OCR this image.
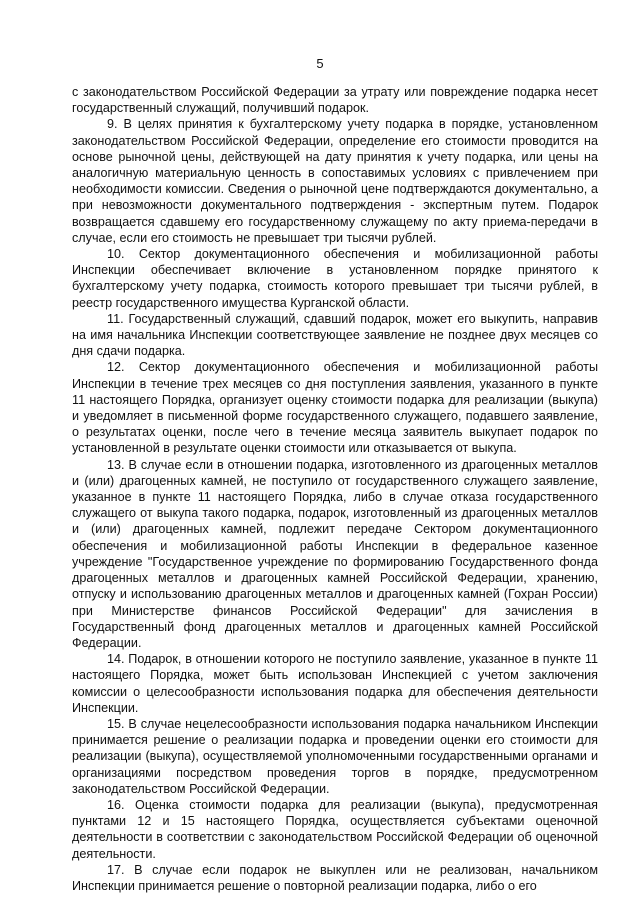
5

с законодательством Российской Федерации за утрату или повреждение подарка несет государственный служащий, получивший подарок.

9. В целях принятия к бухгалтерскому учету подарка в порядке, установленном законодательством Российской Федерации, определение его стоимости проводится на основе рыночной цены, действующей на дату принятия к учету подарка, или цены на аналогичную материальную ценность в сопоставимых условиях с привлечением при необходимости комиссии. Сведения о рыночной цене подтверждаются документально, а при невозможности документального подтверждения - экспертным путем. Подарок возвращается сдавшему его государственному служащему по акту приема-передачи в случае, если его стоимость не превышает три тысячи рублей.

10. Сектор документационного обеспечения и мобилизационной работы Инспекции обеспечивает включение в установленном порядке принятого к бухгалтерскому учету подарка, стоимость которого превышает три тысячи рублей, в реестр государственного имущества Курганской области.

11. Государственный служащий, сдавший подарок, может его выкупить, направив на имя начальника Инспекции соответствующее заявление не позднее двух месяцев со дня сдачи подарка.

12. Сектор документационного обеспечения и мобилизационной работы Инспекции в течение трех месяцев со дня поступления заявления, указанного в пункте 11 настоящего Порядка, организует оценку стоимости подарка для реализации (выкупа) и уведомляет в письменной форме государственного служащего, подавшего заявление, о результатах оценки, после чего в течение месяца заявитель выкупает подарок по установленной в результате оценки стоимости или отказывается от выкупа.

13. В случае если в отношении подарка, изготовленного из драгоценных металлов и (или) драгоценных камней, не поступило от государственного служащего заявление, указанное в пункте 11 настоящего Порядка, либо в случае отказа государственного служащего от выкупа такого подарка, подарок, изготовленный из драгоценных металлов и (или) драгоценных камней, подлежит передаче Сектором документационного обеспечения и мобилизационной работы Инспекции в федеральное казенное учреждение "Государственное учреждение по формированию Государственного фонда драгоценных металлов и драгоценных камней Российской Федерации, хранению, отпуску и использованию драгоценных металлов и драгоценных камней (Гохран России) при Министерстве финансов Российской Федерации" для зачисления в Государственный фонд драгоценных металлов и драгоценных камней Российской Федерации.

14. Подарок, в отношении которого не поступило заявление, указанное в пункте 11 настоящего Порядка, может быть использован Инспекцией с учетом заключения комиссии о целесообразности использования подарка для обеспечения деятельности Инспекции.

15. В случае нецелесообразности использования подарка начальником Инспекции принимается решение о реализации подарка и проведении оценки его стоимости для реализации (выкупа), осуществляемой уполномоченными государственными органами и организациями посредством проведения торгов в порядке, предусмотренном законодательством Российской Федерации.

16. Оценка стоимости подарка для реализации (выкупа), предусмотренная пунктами 12 и 15 настоящего Порядка, осуществляется субъектами оценочной деятельности в соответствии с законодательством Российской Федерации об оценочной деятельности.

17. В случае если подарок не выкуплен или не реализован, начальником Инспекции принимается решение о повторной реализации подарка, либо о его
